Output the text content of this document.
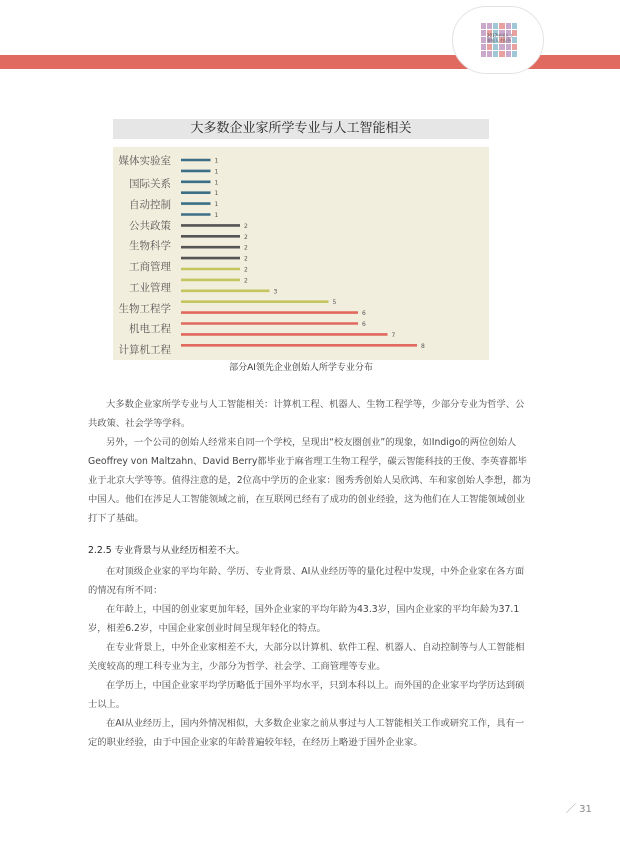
2017中国人工智能人才报告
大多数企业家所学专业与人工智能相关
1
1
1
1
1
1
2
2
2
2
2
2
3
5
6
6
7
8
媒体实验室
国际关系
自动控制
公共政策
生物科学
工商管理
工业管理
生物工程学
机电工程
计算机工程
部分AI领先企业创始人所学专业分布

大多数企业家所学专业与人工智能相关：计算机工程、机器人、生物工程学等，少部分专业为哲学、公共政策、社会学等学科。

另外，一个公司的创始人经常来自同一个学校，呈现出“校友圈创业”的现象，如Indigo的两位创始人Geoffrey von Maltzahn、David Berry都毕业于麻省理工生物工程学，碳云智能科技的王俊、李英睿都毕业于北京大学等等。值得注意的是，2位高中学历的企业家：图秀秀创始人吴欣鸿、车和家创始人李想，都为中国人。他们在涉足人工智能领域之前，在互联网已经有了成功的创业经验，这为他们在人工智能领域创业打下了基础。

2.2.5 专业背景与从业经历相差不大。

在对顶级企业家的平均年龄、学历、专业背景、AI从业经历等的量化过程中发现，中外企业家在各方面的情况有所不同：

在年龄上，中国的创业家更加年轻，国外企业家的平均年龄为43.3岁，国内企业家的平均年龄为37.1岁，相差6.2岁，中国企业家创业时间呈现年轻化的特点。

在专业背景上，中外企业家相差不大，大部分以计算机、软件工程、机器人、自动控制等与人工智能相关度较高的理工科专业为主，少部分为哲学、社会学、工商管理等专业。

在学历上，中国企业家平均学历略低于国外平均水平，只到本科以上。而外国的企业家平均学历达到硕士以上。

在AI从业经历上，国内外情况相似，大多数企业家之前从事过与人工智能相关工作或研究工作，具有一定的职业经验，由于中国企业家的年龄普遍较年轻，在经历上略逊于国外企业家。

／ 31
